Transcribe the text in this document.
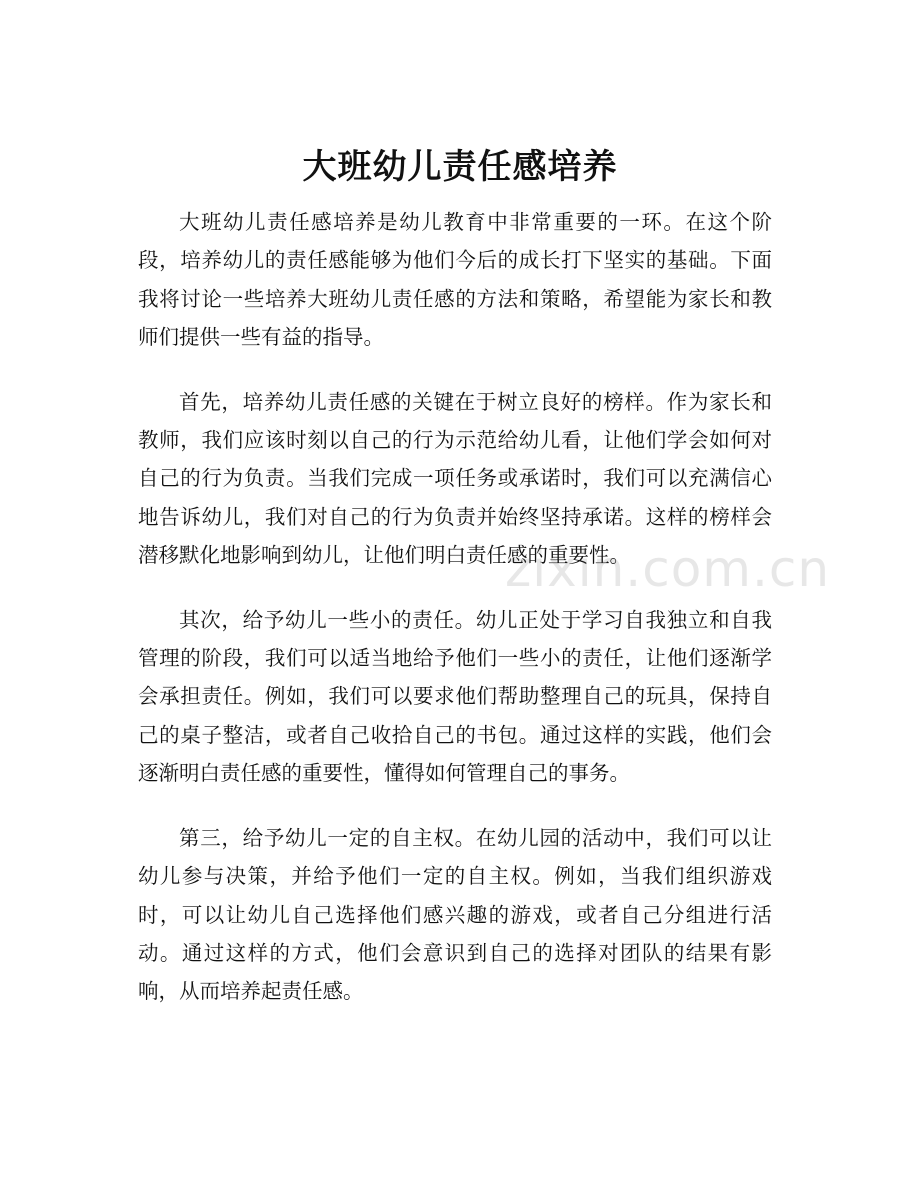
大班幼儿责任感培养

大班幼儿责任感培养是幼儿教育中非常重要的一环。在这个阶段，培养幼儿的责任感能够为他们今后的成长打下坚实的基础。下面我将讨论一些培养大班幼儿责任感的方法和策略，希望能为家长和教师们提供一些有益的指导。

首先，培养幼儿责任感的关键在于树立良好的榜样。作为家长和教师，我们应该时刻以自己的行为示范给幼儿看，让他们学会如何对自己的行为负责。当我们完成一项任务或承诺时，我们可以充满信心地告诉幼儿，我们对自己的行为负责并始终坚持承诺。这样的榜样会潜移默化地影响到幼儿，让他们明白责任感的重要性。

其次，给予幼儿一些小的责任。幼儿正处于学习自我独立和自我管理的阶段，我们可以适当地给予他们一些小的责任，让他们逐渐学会承担责任。例如，我们可以要求他们帮助整理自己的玩具，保持自己的桌子整洁，或者自己收拾自己的书包。通过这样的实践，他们会逐渐明白责任感的重要性，懂得如何管理自己的事务。

第三，给予幼儿一定的自主权。在幼儿园的活动中，我们可以让幼儿参与决策，并给予他们一定的自主权。例如，当我们组织游戏时，可以让幼儿自己选择他们感兴趣的游戏，或者自己分组进行活动。通过这样的方式，他们会意识到自己的选择对团队的结果有影响，从而培养起责任感。

zixin.com.cn
